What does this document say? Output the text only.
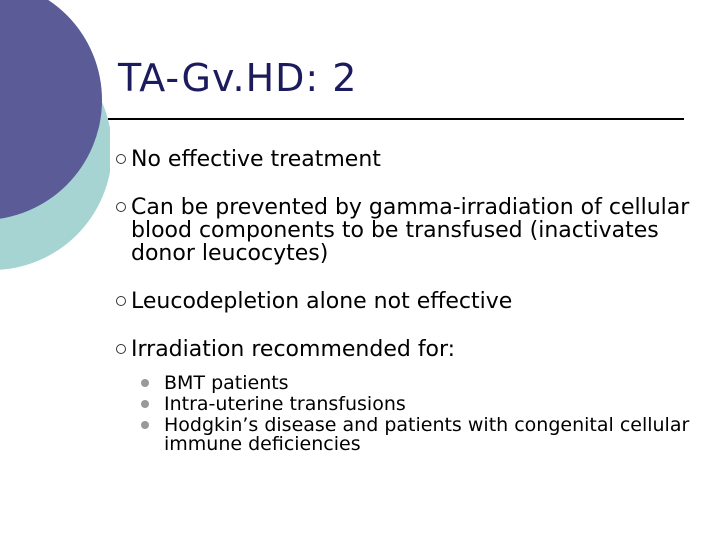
TA-Gv.HD: 2
No effective treatment
Can be prevented by gamma-irradiation of cellular blood components to be transfused (inactivates donor leucocytes)
Leucodepletion alone not effective
Irradiation recommended for:
BMT patients
Intra-uterine transfusions
Hodgkin’s disease and patients with congenital cellular immune deficiencies
